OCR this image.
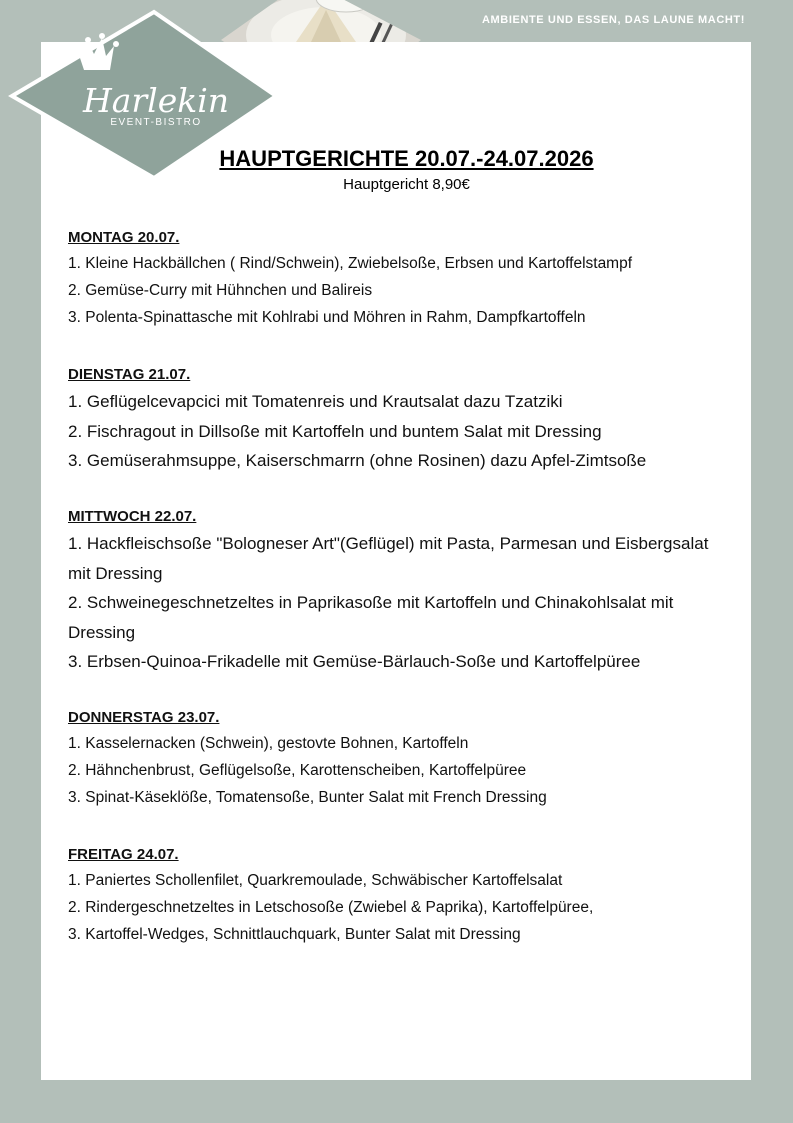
AMBIENTE UND ESSEN, DAS LAUNE MACHT!
Harlekin
EVENT-BISTRO
HAUPTGERICHTE 20.07.-24.07.2026
Hauptgericht 8,90€
MONTAG 20.07.
1. Kleine Hackbällchen ( Rind/Schwein), Zwiebelsoße, Erbsen und Kartoffelstampf
2. Gemüse-Curry mit Hühnchen und Balireis
3. Polenta-Spinattasche mit Kohlrabi und Möhren in Rahm, Dampfkartoffeln
DIENSTAG 21.07.
1. Geflügelcevapcici mit Tomatenreis und Krautsalat dazu Tzatziki
2. Fischragout in Dillsoße mit Kartoffeln und buntem Salat mit Dressing
3. Gemüserahmsuppe, Kaiserschmarrn (ohne Rosinen) dazu Apfel-Zimtsoße
MITTWOCH 22.07.
1. Hackfleischsoße "Bologneser Art"(Geflügel) mit Pasta, Parmesan und Eisbergsalat mit Dressing
2. Schweinegeschnetzeltes in Paprikasoße mit Kartoffeln und Chinakohlsalat mit Dressing
3. Erbsen-Quinoa-Frikadelle mit Gemüse-Bärlauch-Soße und Kartoffelpüree
DONNERSTAG 23.07.
1. Kasselernacken (Schwein), gestovte Bohnen, Kartoffeln
2. Hähnchenbrust, Geflügelsoße, Karottenscheiben, Kartoffelpüree
3. Spinat-Käseklöße, Tomatensoße, Bunter Salat mit French Dressing
FREITAG 24.07.
1. Paniertes Schollenfilet, Quarkremoulade, Schwäbischer Kartoffelsalat
2. Rindergeschnetzeltes in Letschosoße (Zwiebel & Paprika), Kartoffelpüree,
3. Kartoffel-Wedges, Schnittlauchquark, Bunter Salat mit Dressing
